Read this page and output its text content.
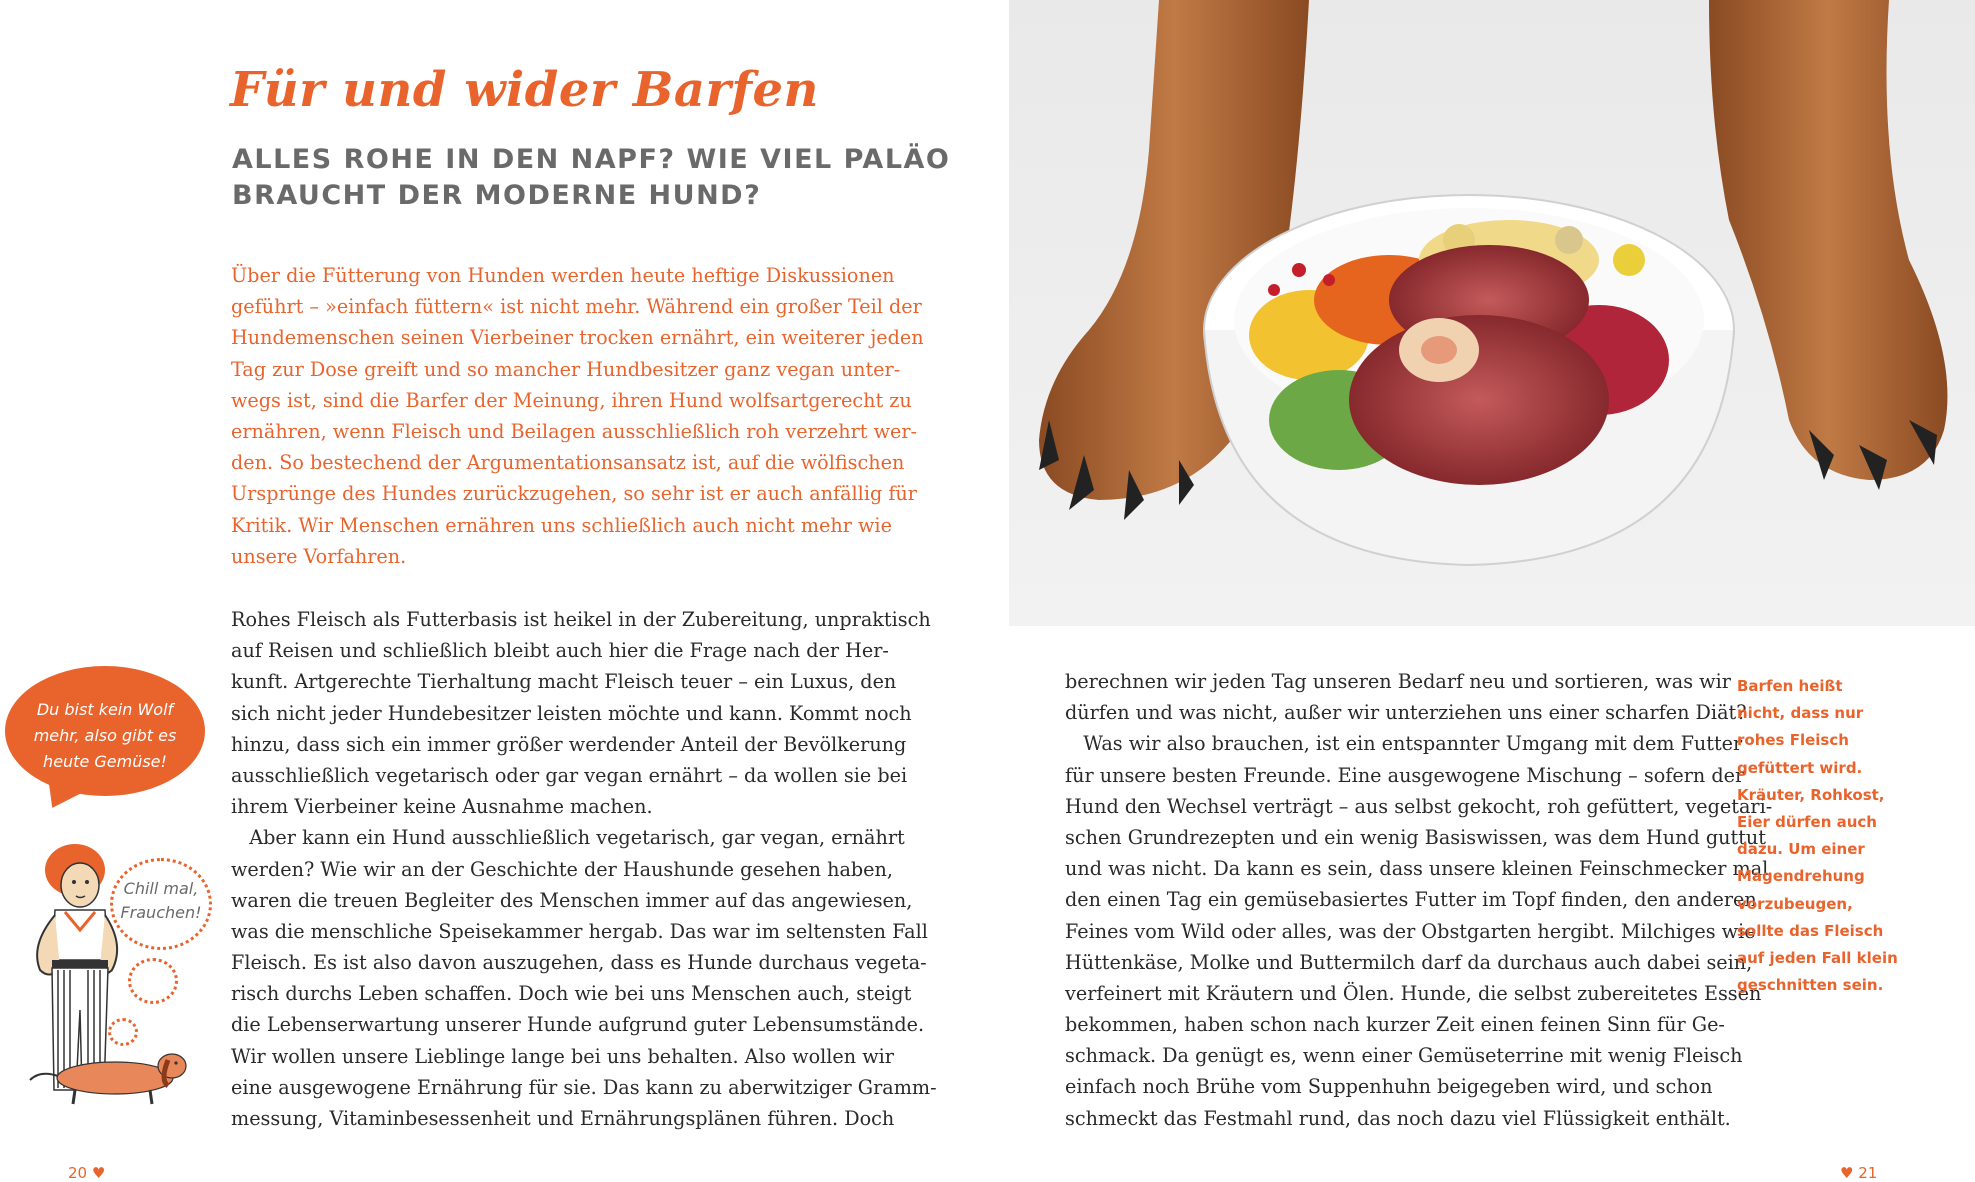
Für und wider Barfen
ALLES ROHE IN DEN NAPF? WIE VIEL PALÄO
BRAUCHT DER MODERNE HUND?
Über die Fütterung von Hunden werden heute heftige Diskussionen
geführt – »einfach füttern« ist nicht mehr. Während ein großer Teil der
Hundemenschen seinen Vierbeiner trocken ernährt, ein weiterer jeden
Tag zur Dose greift und so mancher Hundbesitzer ganz vegan unter-
wegs ist, sind die Barfer der Meinung, ihren Hund wolfsartgerecht zu
ernähren, wenn Fleisch und Beilagen ausschließlich roh verzehrt wer-
den. So bestechend der Argumentationsansatz ist, auf die wölfischen
Ursprünge des Hundes zurückzugehen, so sehr ist er auch anfällig für
Kritik. Wir Menschen ernähren uns schließlich auch nicht mehr wie
unsere Vorfahren.
Rohes Fleisch als Futterbasis ist heikel in der Zubereitung, unpraktisch
auf Reisen und schließlich bleibt auch hier die Frage nach der Her-
kunft. Artgerechte Tierhaltung macht Fleisch teuer – ein Luxus, den
sich nicht jeder Hundebesitzer leisten möchte und kann. Kommt noch
hinzu, dass sich ein immer größer werdender Anteil der Bevölkerung
ausschließlich vegetarisch oder gar vegan ernährt – da wollen sie bei
ihrem Vierbeiner keine Ausnahme machen.
Aber kann ein Hund ausschließlich vegetarisch, gar vegan, ernährt
werden? Wie wir an der Geschichte der Haushunde gesehen haben,
waren die treuen Begleiter des Menschen immer auf das angewiesen,
was die menschliche Speisekammer hergab. Das war im seltensten Fall
Fleisch. Es ist also davon auszugehen, dass es Hunde durchaus vegeta-
risch durchs Leben schaffen. Doch wie bei uns Menschen auch, steigt
die Lebenserwartung unserer Hunde aufgrund guter Lebensumstände.
Wir wollen unsere Lieblinge lange bei uns behalten. Also wollen wir
eine ausgewogene Ernährung für sie. Das kann zu aberwitziger Gramm-
messung, Vitaminbesessenheit und Ernährungsplänen führen. Doch
Du bist kein Wolf
mehr, also gibt es
heute Gemüse!
Chill mal,
Frauchen!
20 ♥
berechnen wir jeden Tag unseren Bedarf neu und sortieren, was wir
dürfen und was nicht, außer wir unterziehen uns einer scharfen Diät?
Was wir also brauchen, ist ein entspannter Umgang mit dem Futter
für unsere besten Freunde. Eine ausgewogene Mischung – sofern der
Hund den Wechsel verträgt – aus selbst gekocht, roh gefüttert, vegetari-
schen Grundrezepten und ein wenig Basiswissen, was dem Hund guttut
und was nicht. Da kann es sein, dass unsere kleinen Feinschmecker mal
den einen Tag ein gemüsebasiertes Futter im Topf finden, den anderen
Feines vom Wild oder alles, was der Obstgarten hergibt. Milchiges wie
Hüttenkäse, Molke und Buttermilch darf da durchaus auch dabei sein,
verfeinert mit Kräutern und Ölen. Hunde, die selbst zubereitetes Essen
bekommen, haben schon nach kurzer Zeit einen feinen Sinn für Ge-
schmack. Da genügt es, wenn einer Gemüseterrine mit wenig Fleisch
einfach noch Brühe vom Suppenhuhn beigegeben wird, und schon
schmeckt das Festmahl rund, das noch dazu viel Flüssigkeit enthält.
Barfen heißt
nicht, dass nur
rohes Fleisch
gefüttert wird.
Kräuter, Rohkost,
Eier dürfen auch
dazu. Um einer
Magendrehung
vorzubeugen,
sollte das Fleisch
auf jeden Fall klein
geschnitten sein.
♥ 21
